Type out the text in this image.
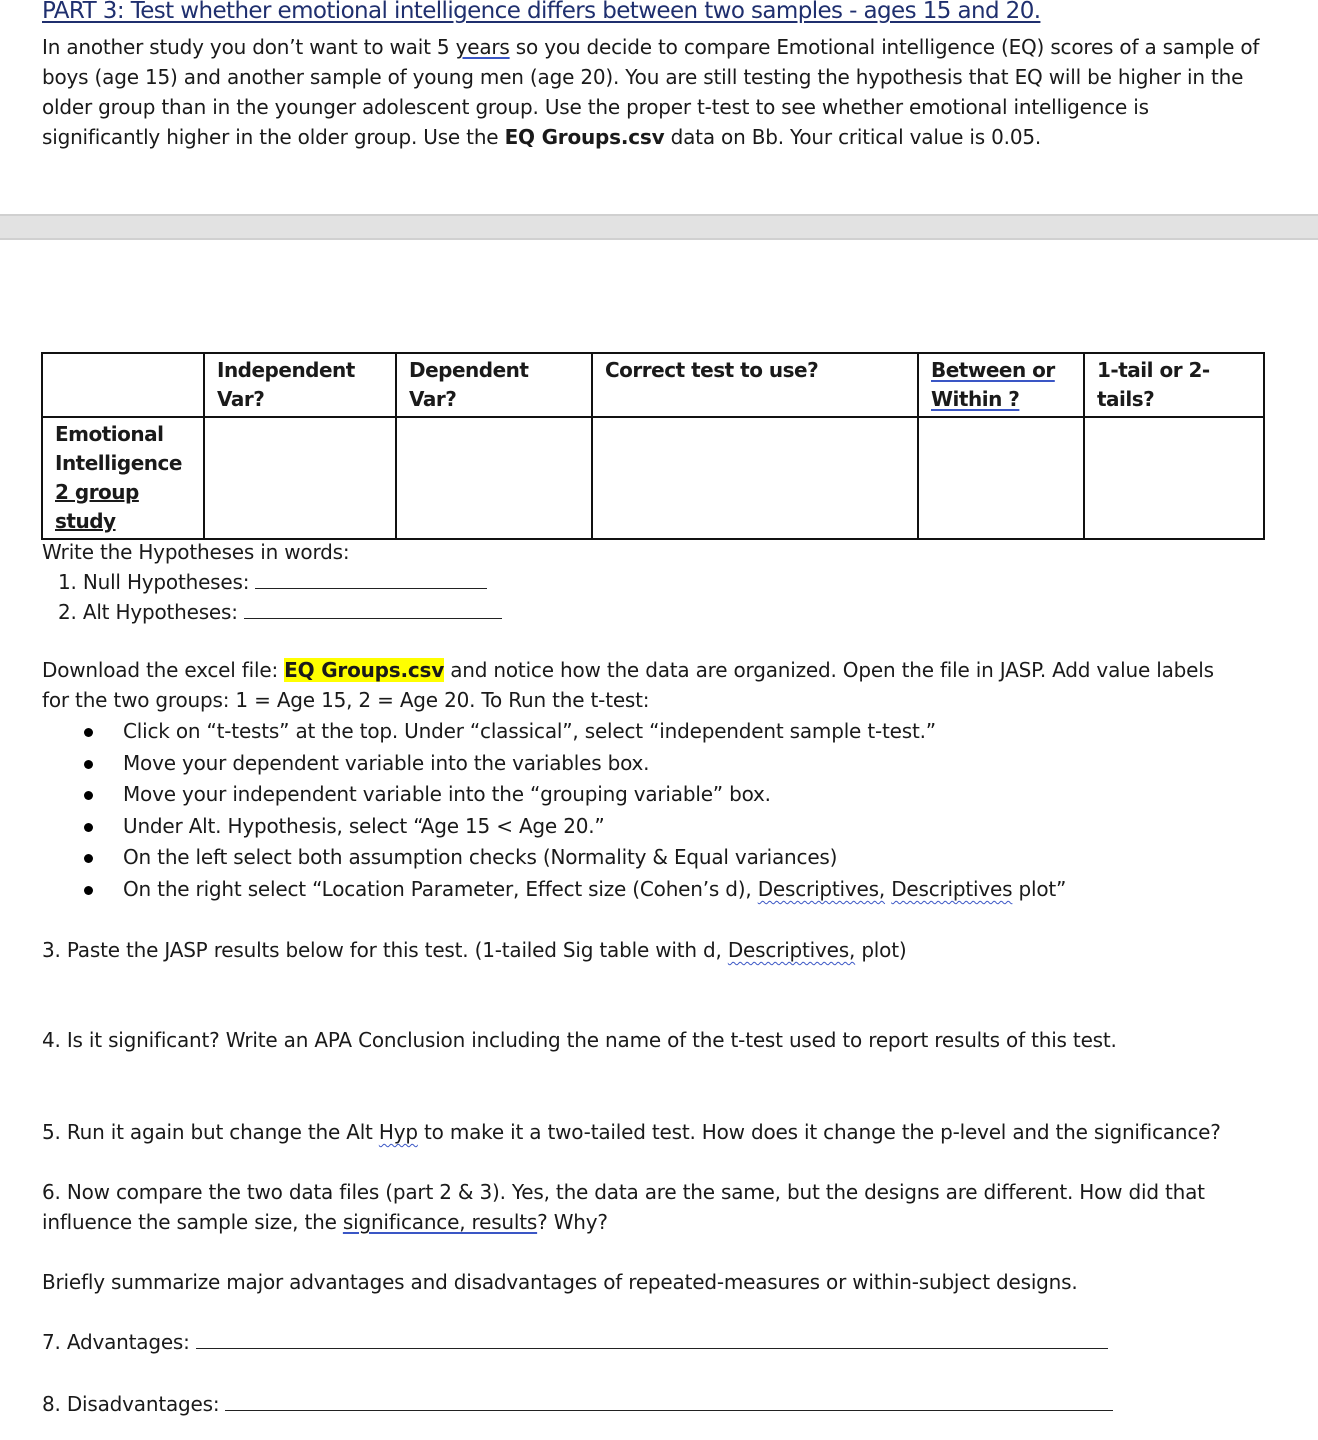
PART 3: Test whether emotional intelligence differs between two samples - ages 15 and 20.
In another study you don’t want to wait 5 years so you decide to compare Emotional intelligence (EQ) scores of a sample of boys (age 15) and another sample of young men (age 20). You are still testing the hypothesis that EQ will be higher in the older group than in the younger adolescent group. Use the proper t-test to see whether emotional intelligence is significantly higher in the older group. Use the EQ Groups.csv data on Bb. Your critical value is 0.05.
	Independent Var?	Dependent Var?	Correct test to use?	Between or Within ?	1-tail or 2-tails?

Emotional Intelligence
2 group study					

Write the Hypotheses in words:
1. Null Hypotheses:
2. Alt Hypotheses:
Download the excel file: EQ Groups.csv and notice how the data are organized. Open the file in JASP. Add value labels
for the two groups: 1 = Age 15, 2 = Age 20. To Run the t-test:
Click on “t-tests” at the top. Under “classical”, select “independent sample t-test.”
Move your dependent variable into the variables box.
Move your independent variable into the “grouping variable” box.
Under Alt. Hypothesis, select “Age 15 < Age 20.”
On the left select both assumption checks (Normality & Equal variances)
On the right select “Location Parameter, Effect size (Cohen’s d), Descriptives, Descriptives plot”
3. Paste the JASP results below for this test. (1-tailed Sig table with d, Descriptives, plot)
4. Is it significant? Write an APA Conclusion including the name of the t-test used to report results of this test.
5. Run it again but change the Alt Hyp to make it a two-tailed test. How does it change the p-level and the significance?
6. Now compare the two data files (part 2 & 3). Yes, the data are the same, but the designs are different. How did that
influence the sample size, the significance, results? Why?
Briefly summarize major advantages and disadvantages of repeated-measures or within-subject designs.
7. Advantages:
8. Disadvantages:
